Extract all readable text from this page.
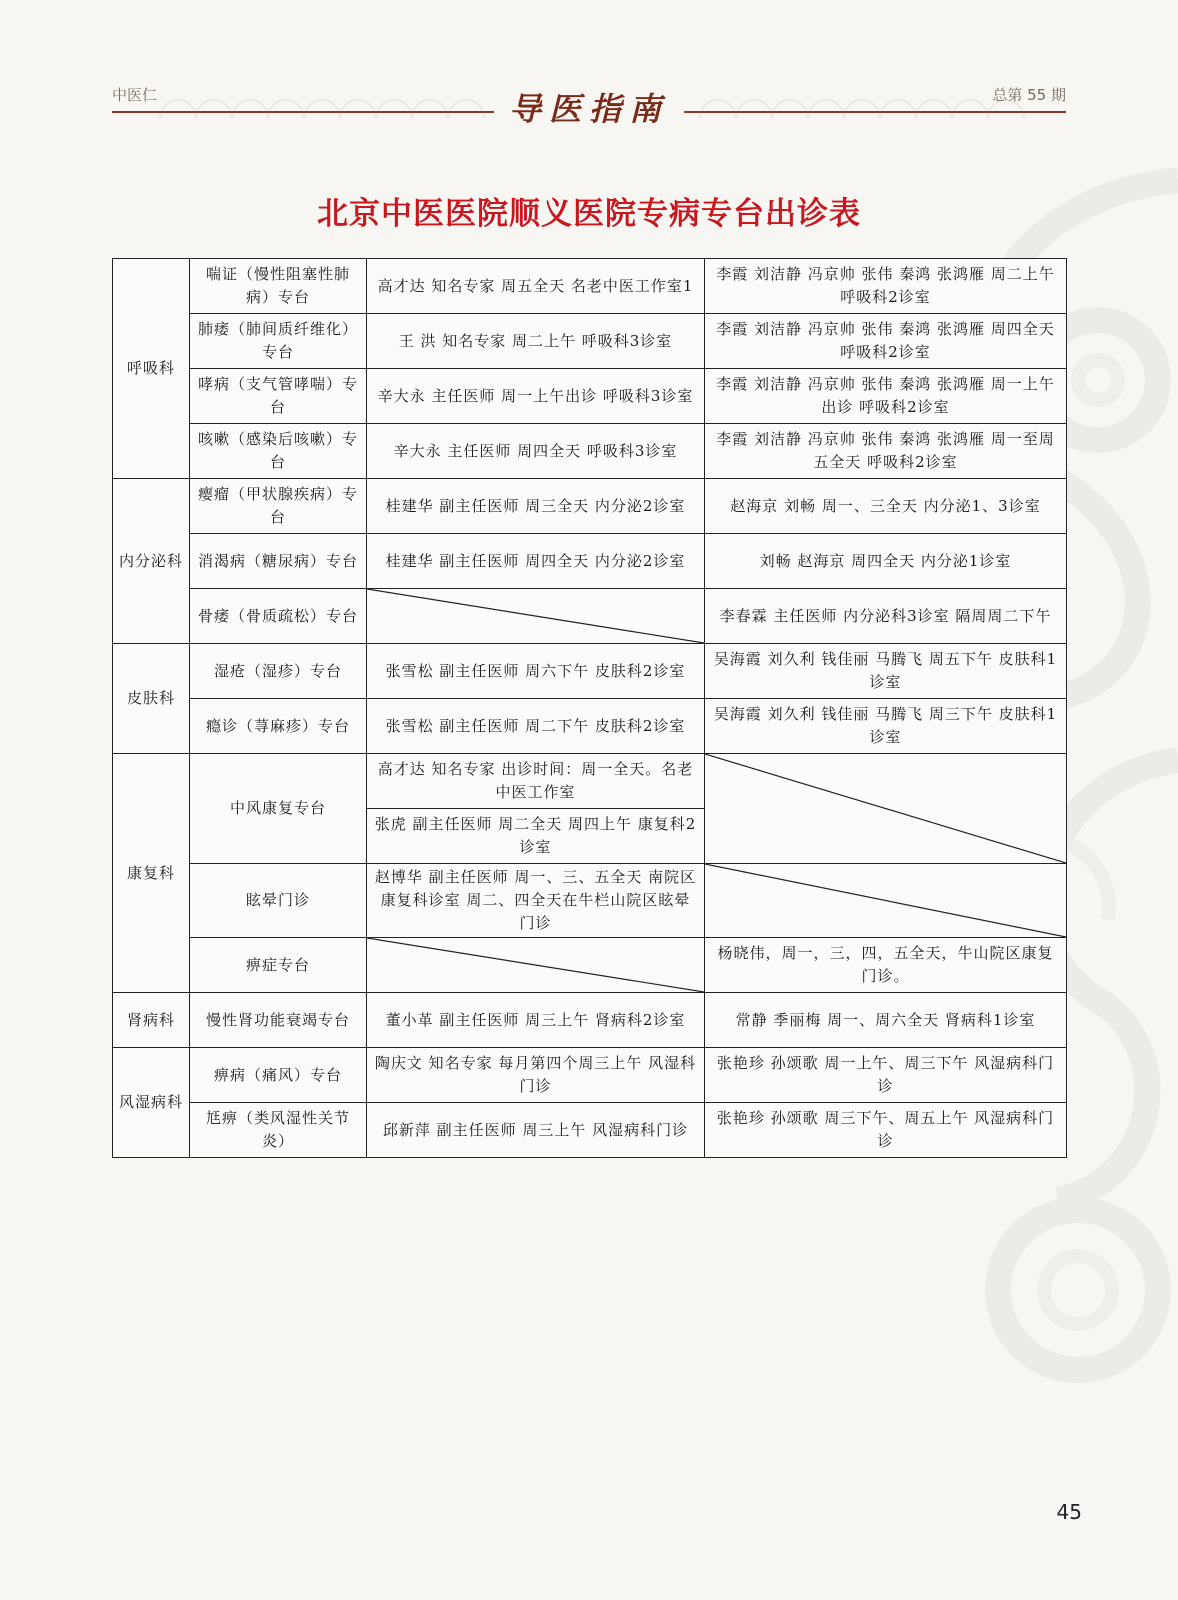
中医仁	导医指南	总第 55 期
北京中医医院顺义医院专病专台出诊表
呼吸科	喘证（慢性阻塞性肺病）专台	高才达 知名专家 周五全天 名老中医工作室1	李霞 刘洁静 冯京帅 张伟 秦鸿 张鸿雁 周二上午 呼吸科2诊室
	肺痿（肺间质纤维化）专台	王 洪 知名专家 周二上午 呼吸科3诊室	李霞 刘洁静 冯京帅 张伟 秦鸿 张鸿雁 周四全天 呼吸科2诊室
	哮病（支气管哮喘）专台	辛大永 主任医师 周一上午出诊 呼吸科3诊室	李霞 刘洁静 冯京帅 张伟 秦鸿 张鸿雁 周一上午出诊 呼吸科2诊室
	咳嗽（感染后咳嗽）专台	辛大永 主任医师 周四全天 呼吸科3诊室	李霞 刘洁静 冯京帅 张伟 秦鸿 张鸿雁 周一至周五全天 呼吸科2诊室
内分泌科	瘿瘤（甲状腺疾病）专台	桂建华 副主任医师 周三全天 内分泌2诊室	赵海京 刘畅 周一、三全天 内分泌1、3诊室
	消渴病（糖尿病）专台	桂建华 副主任医师 周四全天 内分泌2诊室	刘畅 赵海京 周四全天 内分泌1诊室
	骨痿（骨质疏松）专台		李春霖 主任医师 内分泌科3诊室 隔周周二下午
皮肤科	湿疮（湿疹）专台	张雪松 副主任医师 周六下午 皮肤科2诊室	吴海霞 刘久利 钱佳丽 马腾飞 周五下午 皮肤科1诊室
	瘾诊（荨麻疹）专台	张雪松 副主任医师 周二下午 皮肤科2诊室	吴海霞 刘久利 钱佳丽 马腾飞 周三下午 皮肤科1诊室
康复科	中风康复专台	高才达 知名专家 出诊时间：周一全天。名老中医工作室	

		张虎 副主任医师 周二全天 周四上午 康复科2诊室	
	眩晕门诊	赵博华 副主任医师 周一、三、五全天 南院区康复科诊室 周二、四全天在牛栏山院区眩晕门诊	

	痹症专台		杨晓伟，周一，三，四，五全天，牛山院区康复门诊。

肾病科	慢性肾功能衰竭专台	董小革 副主任医师 周三上午 肾病科2诊室	常静 季丽梅 周一、周六全天 肾病科1诊室
风湿病科	痹病（痛风）专台	陶庆文 知名专家 每月第四个周三上午 风湿科门诊	张艳珍 孙颂歌 周一上午、周三下午 风湿病科门诊
	尪痹（类风湿性关节炎）	邱新萍 副主任医师 周三上午 风湿病科门诊	张艳珍 孙颂歌 周三下午、周五上午 风湿病科门诊
45
